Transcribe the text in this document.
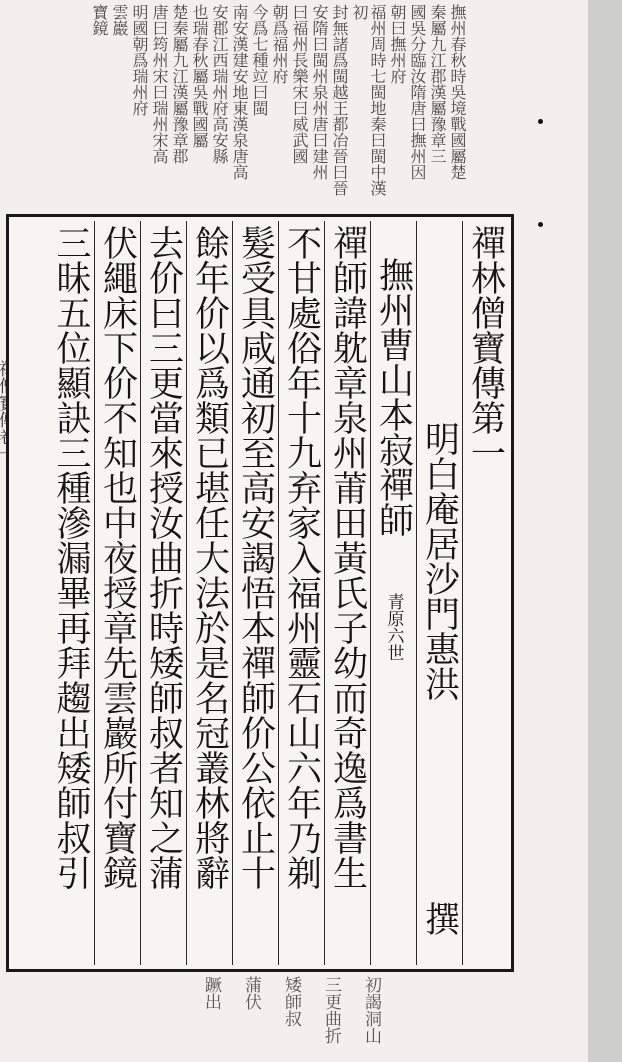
撫州春秋時吳境戰國屬楚
秦屬九江郡漢屬豫章三
國吳分臨汝隋唐曰撫州因
朝曰撫州府
福州周時七閩地秦曰閩中漢初
封無諸爲閩越王都冶晉曰晉
安隋曰閩州泉州唐曰建州
曰福州長樂宋曰威武國
朝爲福州府
今爲七種竝曰閩
南安漢建安地東漢泉唐高
安郡江西瑞州府高安縣
也瑞春秋屬吳戰國屬
楚秦屬九江漢屬豫章郡
唐曰筠州宋曰瑞州宋高
明國朝爲瑞州府
雲巖
寶鏡
禪林僧寶傳第一
明白庵居沙門惠洪
撰
撫州曹山本寂禪師
青原六世
禪師諱躭章泉州莆田黃氏子幼而奇逸爲書生
不甘處俗年十九弃家入福州靈石山六年乃剃
髮受具咸通初至高安謁悟本禪師价公依止十
餘年价以爲類已堪任大法於是名冠叢林將辭
去价曰三更當來授汝曲折時矮師叔者知之蒲
伏繩床下价不知也中夜授章先雲巖所付寶鏡
三昧五位顯訣三種滲漏畢再拜趨出矮師叔引
初謁洞山
三更曲折
矮師叔
蒲伏
蹶出
